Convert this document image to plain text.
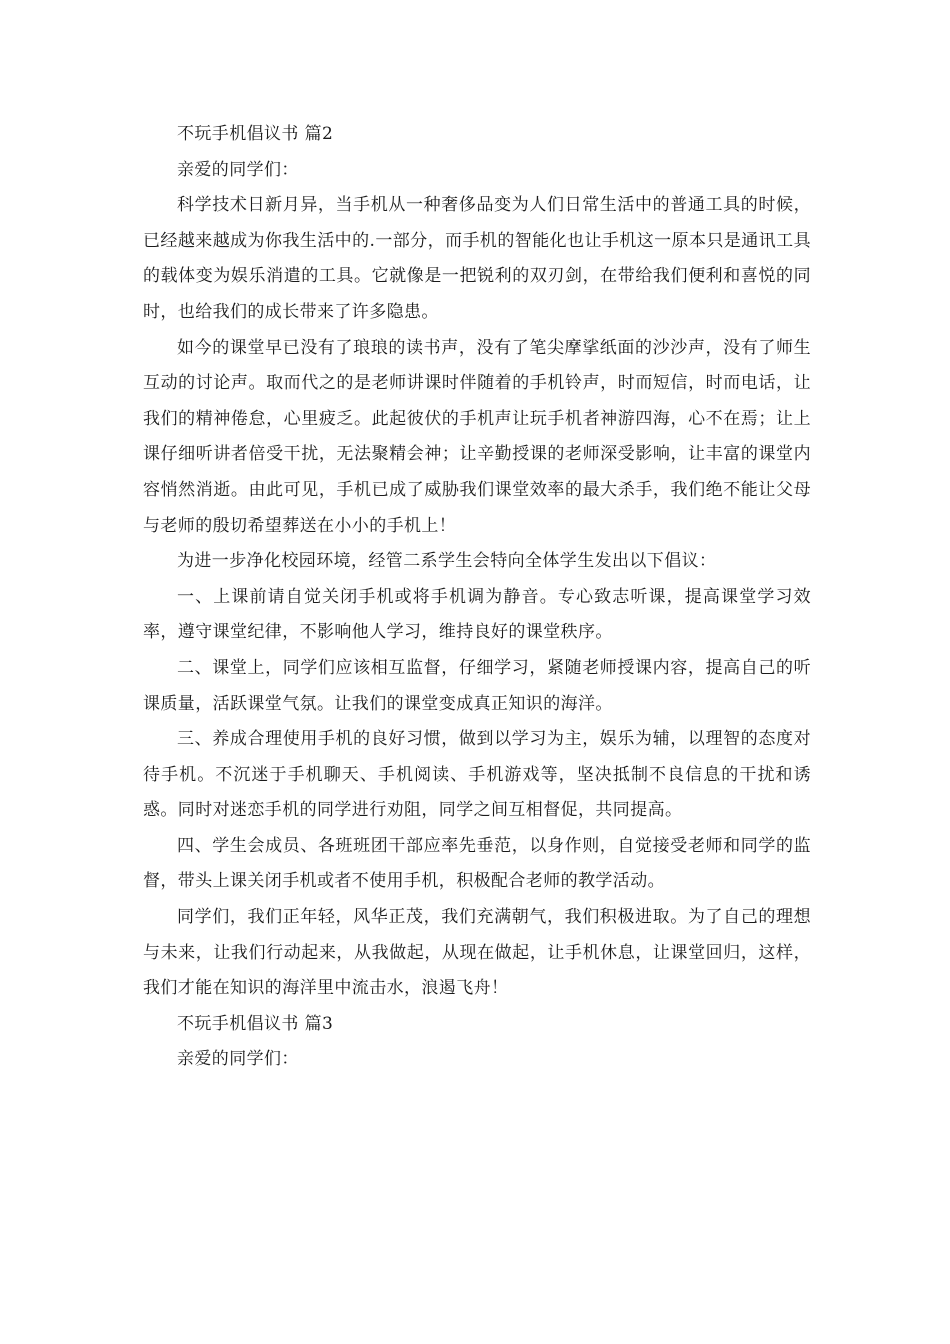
不玩手机倡议书 篇2

亲爱的同学们：

科学技术日新月异，当手机从一种奢侈品变为人们日常生活中的普通工具的时候，已经越来越成为你我生活中的.一部分，而手机的智能化也让手机这一原本只是通讯工具的载体变为娱乐消遣的工具。它就像是一把锐利的双刃剑，在带给我们便利和喜悦的同时，也给我们的成长带来了许多隐患。

如今的课堂早已没有了琅琅的读书声，没有了笔尖摩挲纸面的沙沙声，没有了师生互动的讨论声。取而代之的是老师讲课时伴随着的手机铃声，时而短信，时而电话，让我们的精神倦怠，心里疲乏。此起彼伏的手机声让玩手机者神游四海，心不在焉；让上课仔细听讲者倍受干扰，无法聚精会神；让辛勤授课的老师深受影响，让丰富的课堂内容悄然消逝。由此可见，手机已成了威胁我们课堂效率的最大杀手，我们绝不能让父母与老师的殷切希望葬送在小小的手机上！

为进一步净化校园环境，经管二系学生会特向全体学生发出以下倡议：

一、上课前请自觉关闭手机或将手机调为静音。专心致志听课，提高课堂学习效率，遵守课堂纪律，不影响他人学习，维持良好的课堂秩序。

二、课堂上，同学们应该相互监督，仔细学习，紧随老师授课内容，提高自己的听课质量，活跃课堂气氛。让我们的课堂变成真正知识的海洋。

三、养成合理使用手机的良好习惯，做到以学习为主，娱乐为辅，以理智的态度对待手机。不沉迷于手机聊天、手机阅读、手机游戏等，坚决抵制不良信息的干扰和诱惑。同时对迷恋手机的同学进行劝阻，同学之间互相督促，共同提高。

四、学生会成员、各班班团干部应率先垂范，以身作则，自觉接受老师和同学的监督，带头上课关闭手机或者不使用手机，积极配合老师的教学活动。

同学们，我们正年轻，风华正茂，我们充满朝气，我们积极进取。为了自己的理想与未来，让我们行动起来，从我做起，从现在做起，让手机休息，让课堂回归，这样，我们才能在知识的海洋里中流击水，浪遏飞舟！

不玩手机倡议书 篇3

亲爱的同学们：
